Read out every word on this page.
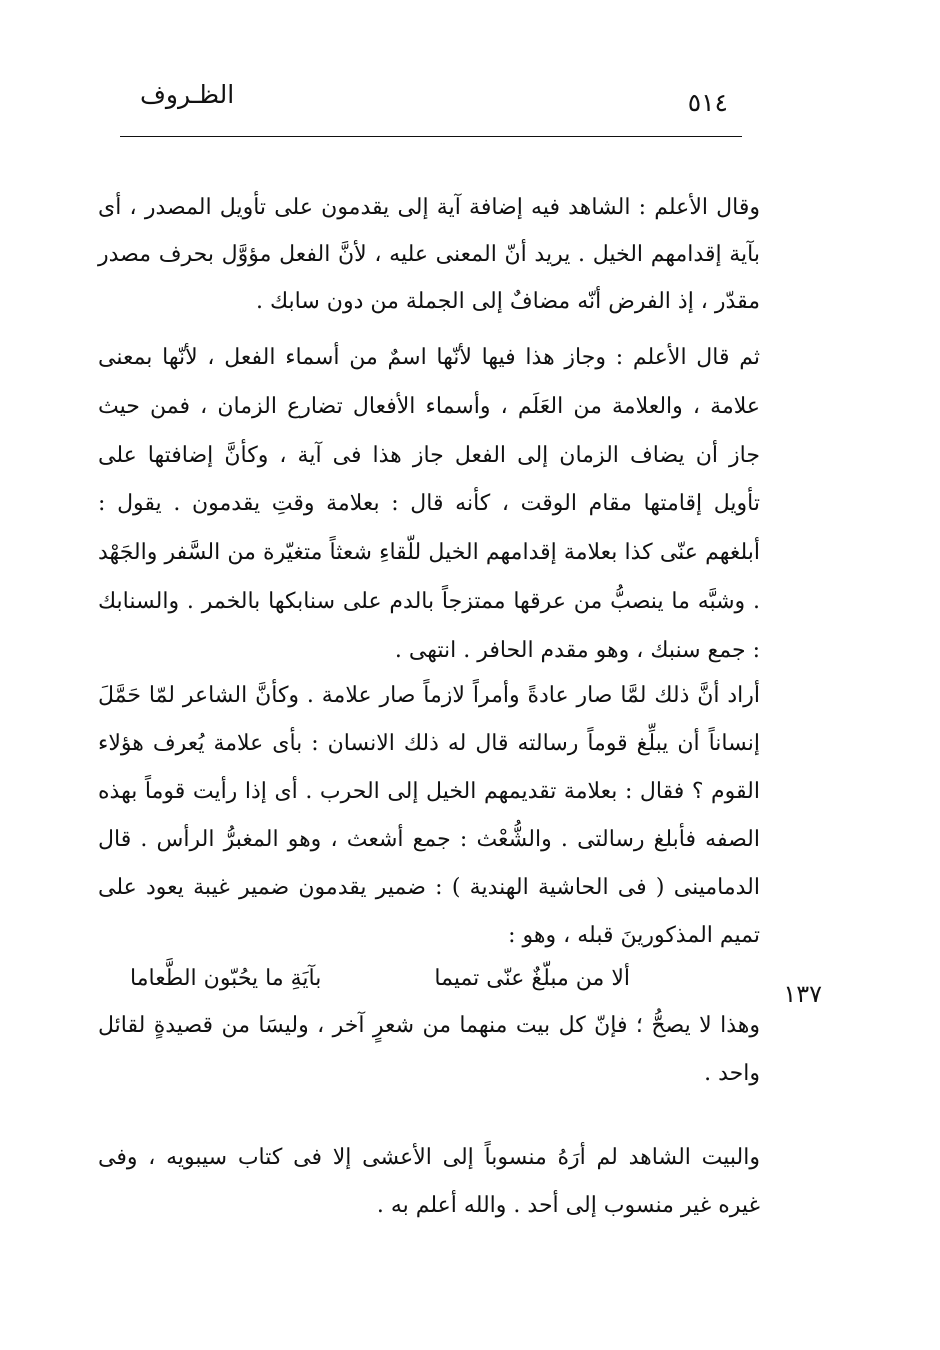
٥١٤
الظـروف

وقال الأعلم : الشاهد فيه إضافة آية إلى يقدمون على تأويل المصدر ، أى بآية إقدامهم الخيل . يريد أنّ المعنى عليه ، لأنَّ الفعل مؤوَّل بحرف مصدر مقدّر ، إذ الفرض أنّه مضافٌ إلى الجملة من دون سابك .

ثم قال الأعلم : وجاز هذا فيها لأنّها اسمٌ من أسماء الفعل ، لأنّها بمعنى علامة ، والعلامة من العَلَم ، وأسماء الأفعال تضارع الزمان ، فمن حيث جاز أن يضاف الزمان إلى الفعل جاز هذا فى آية ، وكأنَّ إضافتها على تأويل إقامتها مقام الوقت ، كأنه قال : بعلامة وقتِ يقدمون . يقول : أبلغهم عنّى كذا بعلامة إقدامهم الخيل للّقاءِ شعثاً متغيّرة من السَّفر والجَهْد . وشبَّه ما ينصبُّ من عرقها ممتزجاً بالدم على سنابكها بالخمر . والسنابك : جمع سنبك ، وهو مقدم الحافر . انتهى .

أراد أنَّ ذلك لمَّا صار عادةً وأمراً لازماً صار علامة . وكأنَّ الشاعر لمّا حَمَّلَ إنساناً أن يبلِّغ قوماً رسالته قال له ذلك الانسان : بأى علامة يُعرف هؤلاء القوم ؟ فقال : بعلامة تقديمهم الخيل إلى الحرب . أى إذا رأيت قوماً بهذه الصفه فأبلغ رسالتى . والشُّعْث : جمع أشعث ، وهو المغبرُّ الرأس . قال الدمامينى ( فى الحاشية الهندية ) : ضمير يقدمون ضمير غيبة يعود على تميم المذكورينَ قبله ، وهو :

ألا من مبلّغٌ عنّى تميما
بآيَةِ ما يحُبّون الطَّعاما
١٣٧

وهذا لا يصحُّ ؛ فإنّ كل بيت منهما من شعرٍ آخر ، وليسَا من قصيدةٍ لقائل واحد .

والبيت الشاهد لم أرَهُ منسوباً إلى الأعشى إلا فى كتاب سيبويه ، وفى غيره غير منسوب إلى أحد . والله أعلم به .
